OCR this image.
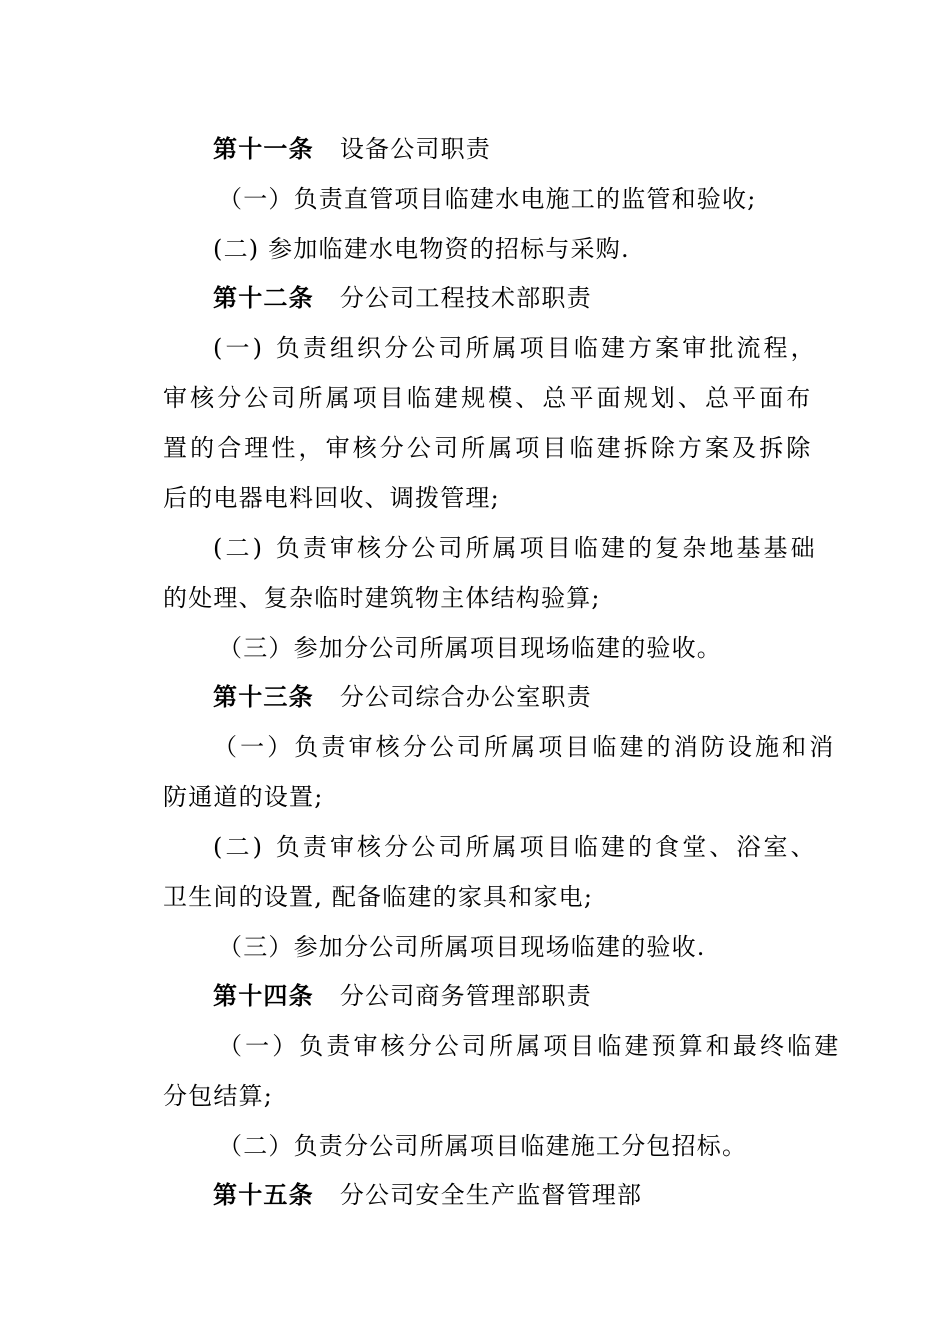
第十一条 设备公司职责
（一）负责直管项目临建水电施工的监管和验收;
(二) 参加临建水电物资的招标与采购.
第十二条 分公司工程技术部职责
(一) 负责组织分公司所属项目临建方案审批流程，
审核分公司所属项目临建规模、总平面规划、总平面布
置的合理性，审核分公司所属项目临建拆除方案及拆除
后的电器电料回收、调拨管理;
(二) 负责审核分公司所属项目临建的复杂地基基础
的处理、复杂临时建筑物主体结构验算;
（三）参加分公司所属项目现场临建的验收。
第十三条 分公司综合办公室职责
（一）负责审核分公司所属项目临建的消防设施和消
防通道的设置;
(二) 负责审核分公司所属项目临建的食堂、浴室、
卫生间的设置, 配备临建的家具和家电;
（三）参加分公司所属项目现场临建的验收.
第十四条 分公司商务管理部职责
（一）负责审核分公司所属项目临建预算和最终临建
分包结算;
（二）负责分公司所属项目临建施工分包招标。
第十五条 分公司安全生产监督管理部
